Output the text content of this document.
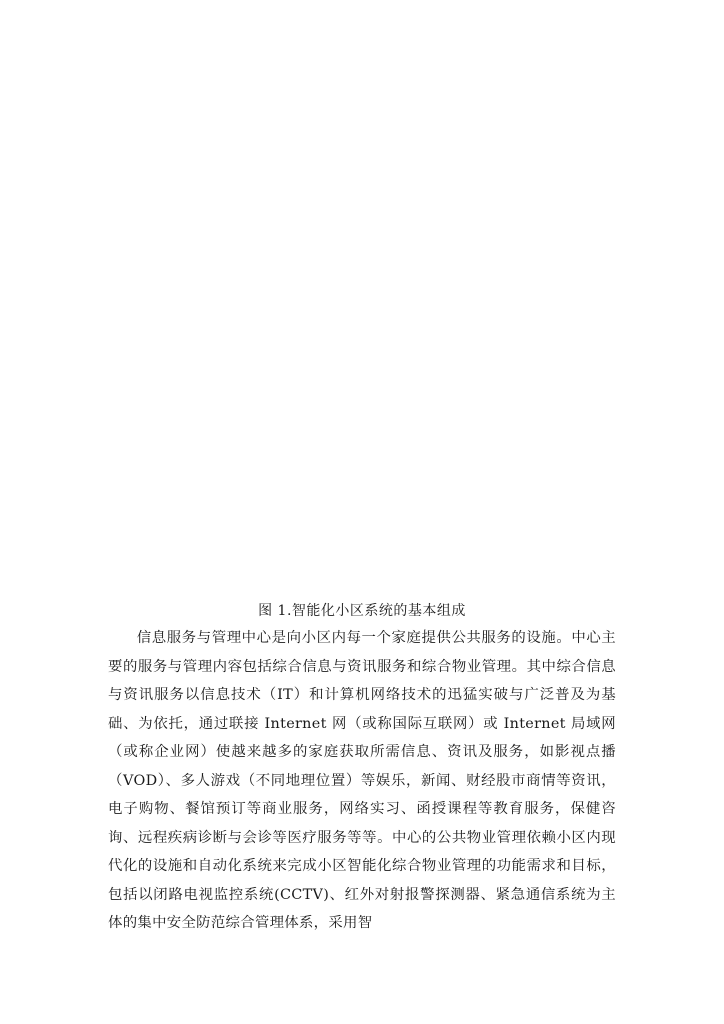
图 1.智能化小区系统的基本组成

信息服务与管理中心是向小区内每一个家庭提供公共服务的设施。中心主要的服务与管理内容包括综合信息与资讯服务和综合物业管理。其中综合信息与资讯服务以信息技术（IT）和计算机网络技术的迅猛实破与广泛普及为基础、为依托，通过联接 Internet 网（或称国际互联网）或 Internet 局域网（或称企业网）使越来越多的家庭获取所需信息、资讯及服务，如影视点播（VOD）、多人游戏（不同地理位置）等娱乐，新闻、财经股市商情等资讯，电子购物、餐馆预订等商业服务，网络实习、函授课程等教育服务，保健咨询、远程疾病诊断与会诊等医疗服务等等。中心的公共物业管理依赖小区内现代化的设施和自动化系统来完成小区智能化综合物业管理的功能需求和目标，包括以闭路电视监控系统(CCTV)、红外对射报警探测器、紧急通信系统为主体的集中安全防范综合管理体系，采用智
